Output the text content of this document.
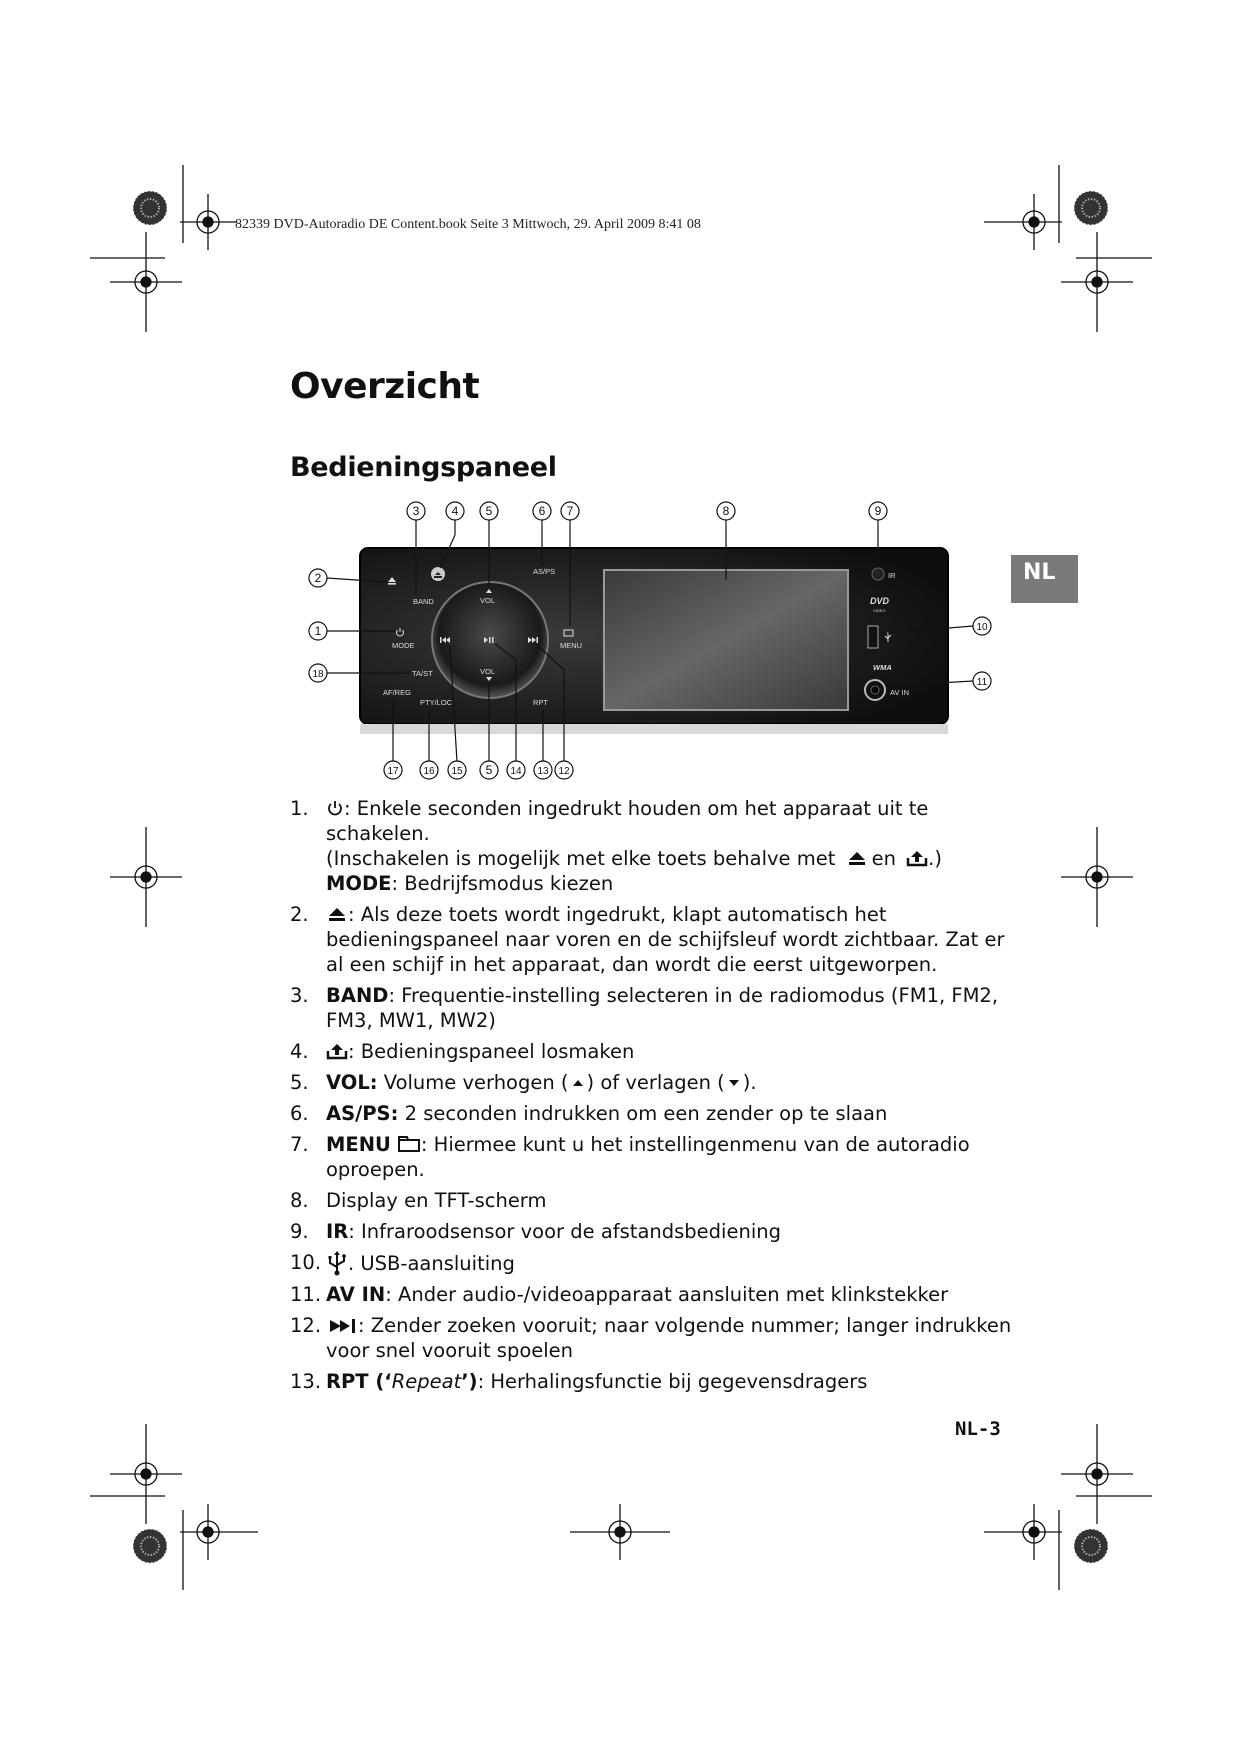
82339 DVD-Autoradio DE Content.book Seite 3 Mittwoch, 29. April 2009 8:41 08
Overzicht
Bedieningspaneel
NL
BAND	VOL
AS/PS
MENU
MODE
TA/ST
AF/REG
PTY/LOC
VOL
RPT
IR
DVD
VIDEO
WMA
AV IN
3	4 5	6 7	8	9
2
1
18
10
11
17 16 15 5 14 13 12
1.	: Enkele seconden ingedrukt houden om het apparaat uit te schakelen.
(Inschakelen is mogelijk met elke toets behalve met en .)
MODE: Bedrijfsmodus kiezen
2.	: Als deze toets wordt ingedrukt, klapt automatisch het bedieningspaneel naar voren en de schijfsleuf wordt zichtbaar. Zat er al een schijf in het apparaat, dan wordt die eerst uitgeworpen.
3. BAND: Frequentie-instelling selecteren in de radiomodus (FM1, FM2, FM3, MW1, MW2)
4.	: Bedieningspaneel losmaken
5. VOL: Volume verhogen ( ) of verlagen ( ).
6. AS/PS: 2 seconden indrukken om een zender op te slaan
7. MENU : Hiermee kunt u het instellingenmenu van de autoradio oproepen.
8. Display en TFT-scherm
9. IR: Infraroodsensor voor de afstandsbediening
10.	. USB-aansluiting
11. AV IN: Ander audio-/videoapparaat aansluiten met klinkstekker
12.	: Zender zoeken vooruit; naar volgende nummer; langer indrukken voor snel vooruit spoelen
13. RPT (‘Repeat’): Herhalingsfunctie bij gegevensdragers
NL-3
